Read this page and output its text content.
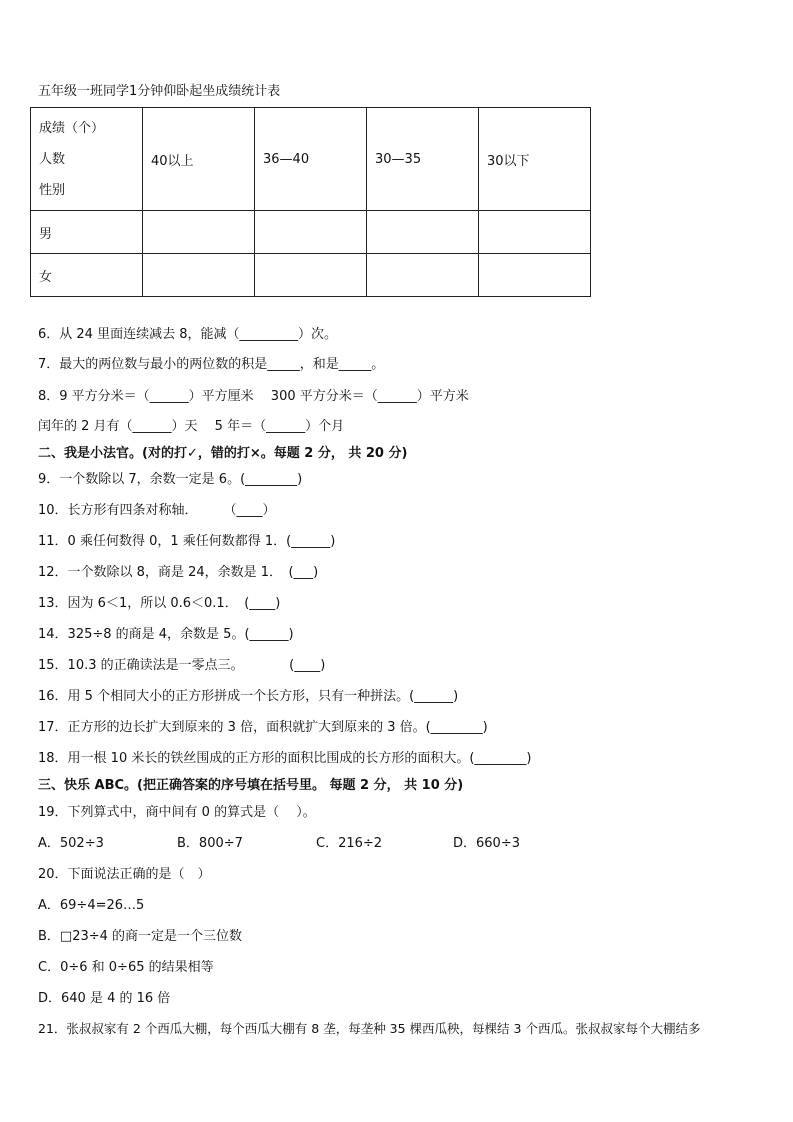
五年级一班同学1分钟仰卧起坐成绩统计表
成绩（个）
人数
性别	40以上	36—40	30—35	30以下
男				
女				
6．从 24 里面连续减去 8，能减（_________）次。
7．最大的两位数与最小的两位数的积是_____，和是_____。
8．9 平方分米＝（______）平方厘米　 300 平方分米＝（______）平方米
闰年的 2 月有（______）天　 5 年＝（______）个月
二、我是小法官。(对的打✓，错的打×。每题 2 分， 共 20 分)
9．一个数除以 7，余数一定是 6。(________)
10．长方形有四条对称轴．　　　（____）
11．0 乘任何数得 0，1 乘任何数都得 1．(______)
12．一个数除以 8，商是 24，余数是 1．　(___)
13．因为 6＜1，所以 0.6＜0.1．　(____)
14．325÷8 的商是 4，余数是 5。(______)
15．10.3 的正确读法是一零点三。　　　　(____)
16．用 5 个相同大小的正方形拼成一个长方形，只有一种拼法。(______)
17．正方形的边长扩大到原来的 3 倍，面积就扩大到原来的 3 倍。(________)
18．用一根 10 米长的铁丝围成的正方形的面积比围成的长方形的面积大。(________)
三、快乐 ABC。(把正确答案的序号填在括号里。 每题 2 分， 共 10 分)
19．下列算式中，商中间有 0 的算式是（　 ）。
A．502÷3	B．800÷7	C．216÷2	D．660÷3
20．下面说法正确的是（　）
A．69÷4=26…5
B．□23÷4 的商一定是一个三位数
C．0÷6 和 0÷65 的结果相等
D．640 是 4 的 16 倍
21．张叔叔家有 2 个西瓜大棚，每个西瓜大棚有 8 垄，每垄种 35 棵西瓜秧，每棵结 3 个西瓜。张叔叔家每个大棚结多
